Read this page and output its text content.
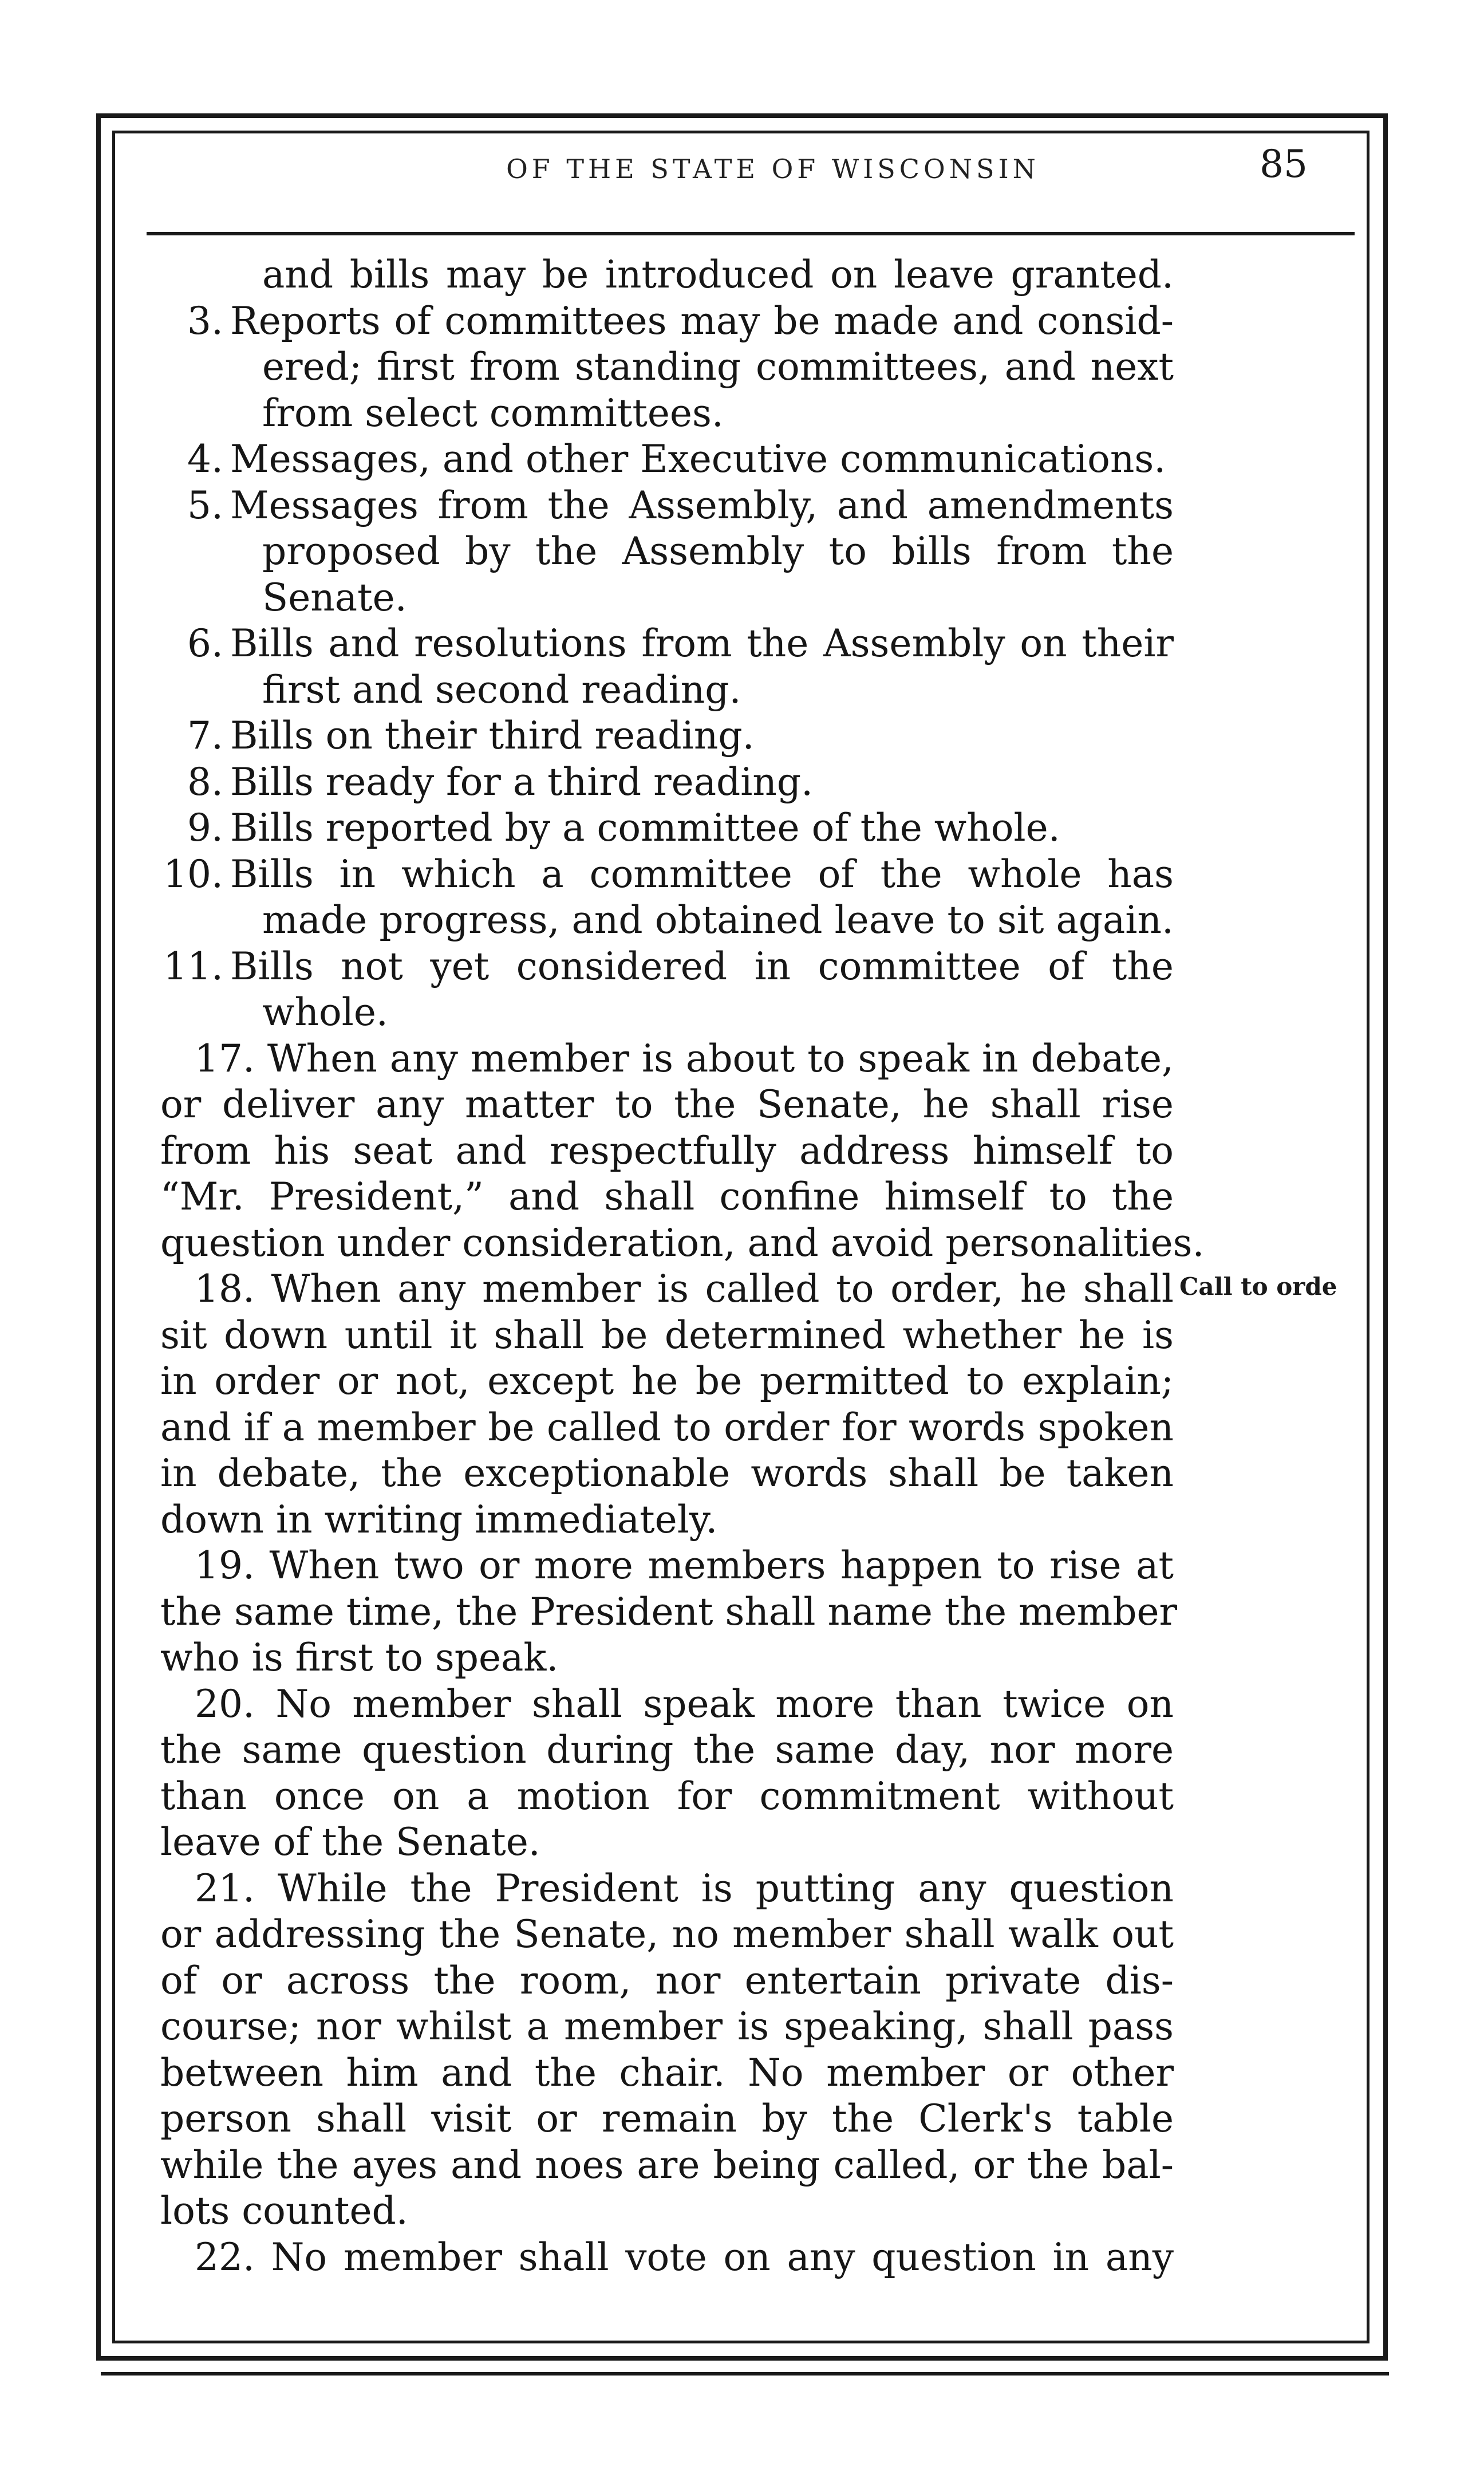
OF THE STATE OF WISCONSIN	85
and bills may be introduced on leave granted.
3. Reports of committees may be made and consid-
ered; first from standing committees, and next
from select committees.
4. Messages, and other Executive communications.
5. Messages from the Assembly, and amendments
proposed by the Assembly to bills from the
Senate.
6. Bills and resolutions from the Assembly on their
first and second reading.
7. Bills on their third reading.
8. Bills ready for a third reading.
9. Bills reported by a committee of the whole.
10. Bills in which a committee of the whole has
made progress, and obtained leave to sit again.
11. Bills not yet considered in committee of the
whole.
17. When any member is about to speak in debate,
or deliver any matter to the Senate, he shall rise
from his seat and respectfully address himself to
“Mr. President,” and shall confine himself to the
question under consideration, and avoid personalities.
18. When any member is called to order, he shall
sit down until it shall be determined whether he is
in order or not, except he be permitted to explain;
and if a member be called to order for words spoken
in debate, the exceptionable words shall be taken
down in writing immediately.
19. When two or more members happen to rise at
the same time, the President shall name the member
who is first to speak.
20. No member shall speak more than twice on
the same question during the same day, nor more
than once on a motion for commitment without
leave of the Senate.
21. While the President is putting any question
or addressing the Senate, no member shall walk out
of or across the room, nor entertain private dis-
course; nor whilst a member is speaking, shall pass
between him and the chair. No member or other
person shall visit or remain by the Clerk's table
while the ayes and noes are being called, or the bal-
lots counted.
22. No member shall vote on any question in any
Call to orde
